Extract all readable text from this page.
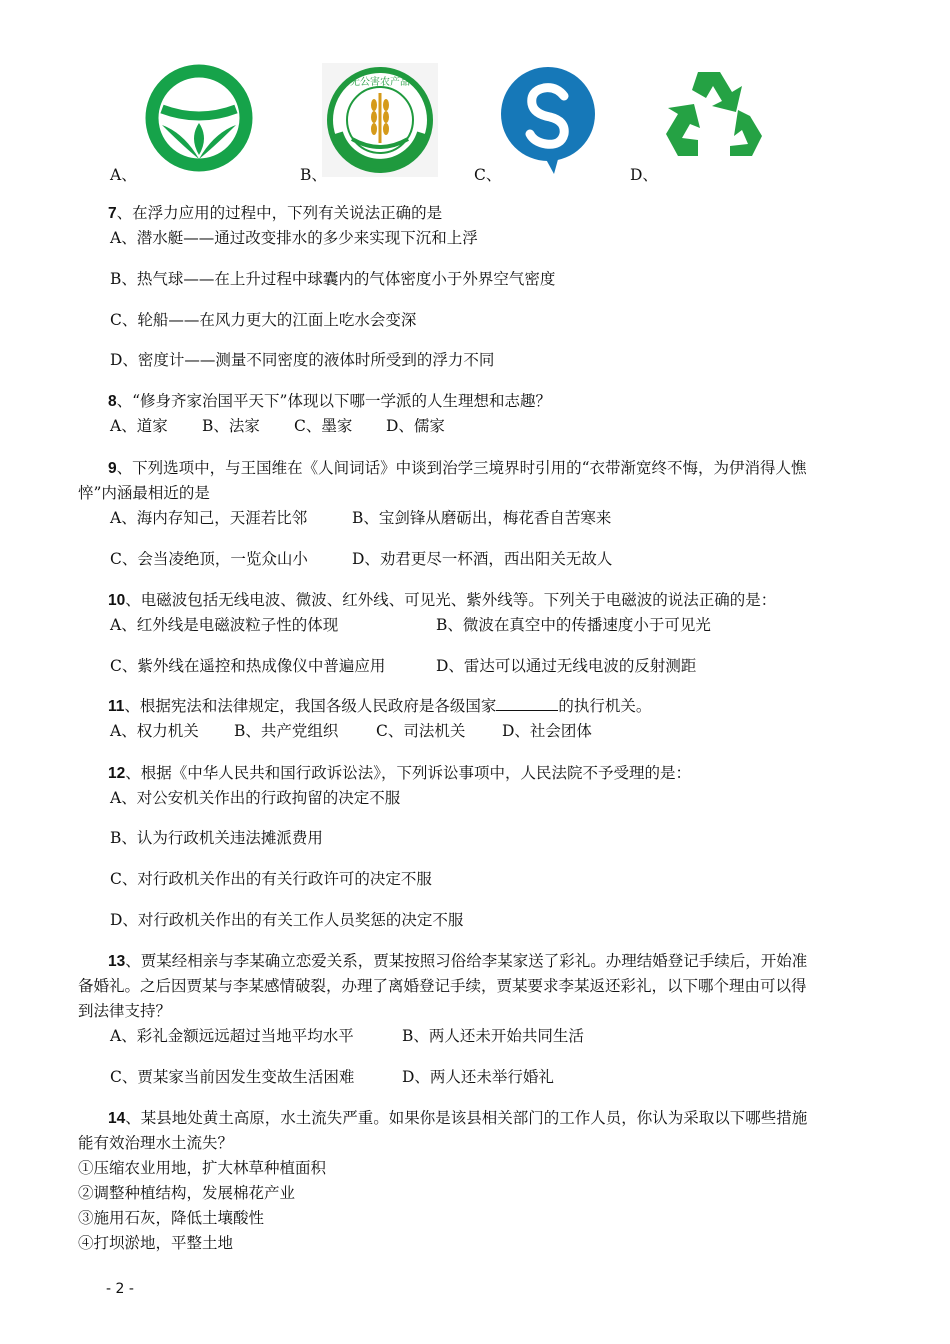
A、
无公害农产品
B、	C、	D、
7、在浮力应用的过程中，下列有关说法正确的是
A、潜水艇——通过改变排水的多少来实现下沉和上浮
B、热气球——在上升过程中球囊内的气体密度小于外界空气密度
C、轮船——在风力更大的江面上吃水会变深
D、密度计——测量不同密度的液体时所受到的浮力不同
8、“修身齐家治国平天下”体现以下哪一学派的人生理想和志趣？
A、道家 B、法家 C、墨家 D、儒家
9、下列选项中，与王国维在《人间词话》中谈到治学三境界时引用的“衣带渐宽终不悔，为伊消得人憔
悴”内涵最相近的是
A、海内存知己，天涯若比邻	B、宝剑锋从磨砺出，梅花香自苦寒来
C、会当凌绝顶，一览众山小	D、劝君更尽一杯酒，西出阳关无故人
10、电磁波包括无线电波、微波、红外线、可见光、紫外线等。下列关于电磁波的说法正确的是：
A、红外线是电磁波粒子性的体现	B、微波在真空中的传播速度小于可见光
C、紫外线在遥控和热成像仪中普遍应用	D、雷达可以通过无线电波的反射测距
11、根据宪法和法律规定，我国各级人民政府是各级国家	的执行机关。
A、权力机关 B、共产党组织 C、司法机关 D、社会团体
12、根据《中华人民共和国行政诉讼法》，下列诉讼事项中，人民法院不予受理的是：
A、对公安机关作出的行政拘留的决定不服
B、认为行政机关违法摊派费用
C、对行政机关作出的有关行政许可的决定不服
D、对行政机关作出的有关工作人员奖惩的决定不服
13、贾某经相亲与李某确立恋爱关系，贾某按照习俗给李某家送了彩礼。办理结婚登记手续后，开始准
备婚礼。之后因贾某与李某感情破裂，办理了离婚登记手续，贾某要求李某返还彩礼，以下哪个理由可以得
到法律支持？
A、彩礼金额远远超过当地平均水平	B、两人还未开始共同生活
C、贾某家当前因发生变故生活困难	D、两人还未举行婚礼
14、某县地处黄土高原，水土流失严重。如果你是该县相关部门的工作人员，你认为采取以下哪些措施
能有效治理水土流失？
①压缩农业用地，扩大林草种植面积
②调整种植结构，发展棉花产业
③施用石灰，降低土壤酸性
④打坝淤地，平整土地
- 2 -
